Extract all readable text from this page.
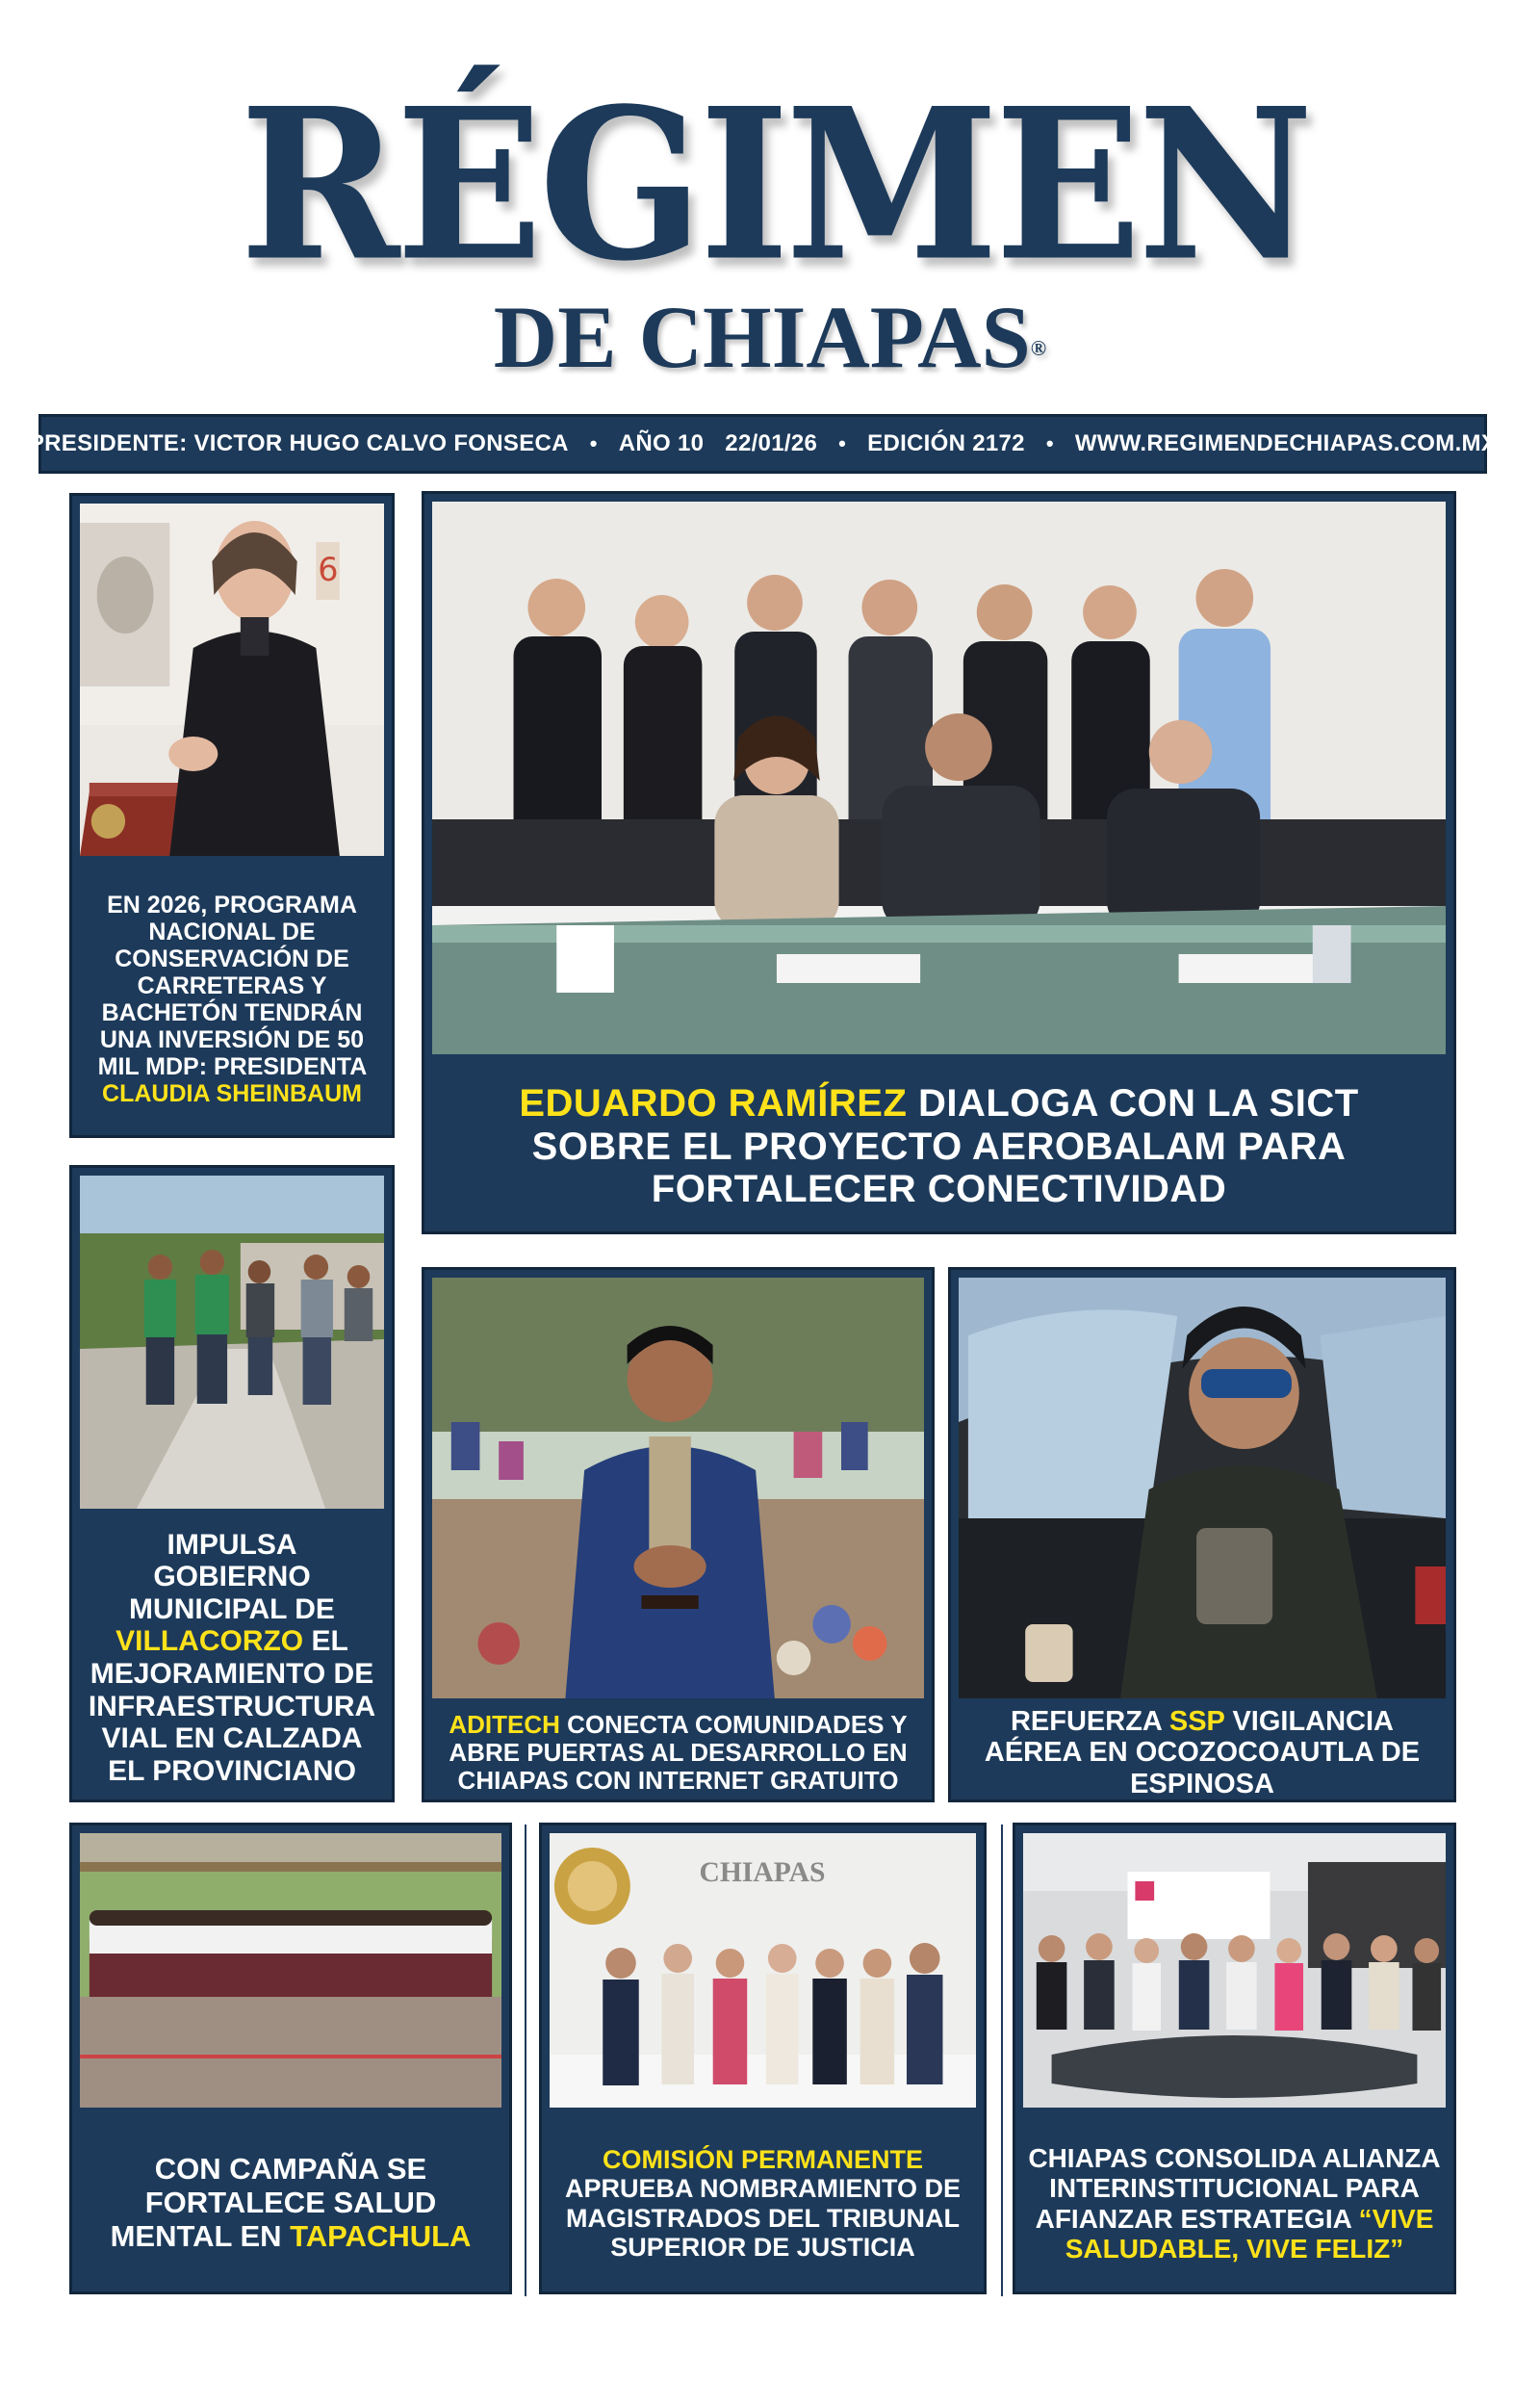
RÉGIMEN
DE CHIAPAS®
PRESIDENTE: VICTOR HUGO CALVO FONSECA • AÑO 10 22/01/26 • EDICIÓN 2172 • WWW.REGIMENDECHIAPAS.COM.MX
6
EN 2026, PROGRAMA NACIONAL DE CONSERVACIÓN DE CARRETERAS Y BACHETÓN TENDRÁN UNA INVERSIÓN DE 50 MIL MDP: PRESIDENTA CLAUDIA SHEINBAUM	EDUARDO RAMÍREZ DIALOGA CON LA SICT SOBRE EL PROYECTO AEROBALAM PARA FORTALECER CONECTIVIDAD
IMPULSA GOBIERNO MUNICIPAL DE VILLACORZO EL MEJORAMIENTO DE INFRAESTRUCTURA VIAL EN CALZADA EL PROVINCIANO
ADITECH CONECTA COMUNIDADES Y ABRE PUERTAS AL DESARROLLO EN CHIAPAS CON INTERNET GRATUITO
REFUERZA SSP VIGILANCIA AÉREA EN OCOZOCOAUTLA DE ESPINOSA
CON CAMPAÑA SE FORTALECE SALUD MENTAL EN TAPACHULA
CHIAPAS
COMISIÓN PERMANENTE APRUEBA NOMBRAMIENTO DE MAGISTRADOS DEL TRIBUNAL SUPERIOR DE JUSTICIA
CHIAPAS CONSOLIDA ALIANZA INTERINSTITUCIONAL PARA AFIANZAR ESTRATEGIA “VIVE SALUDABLE, VIVE FELIZ”
